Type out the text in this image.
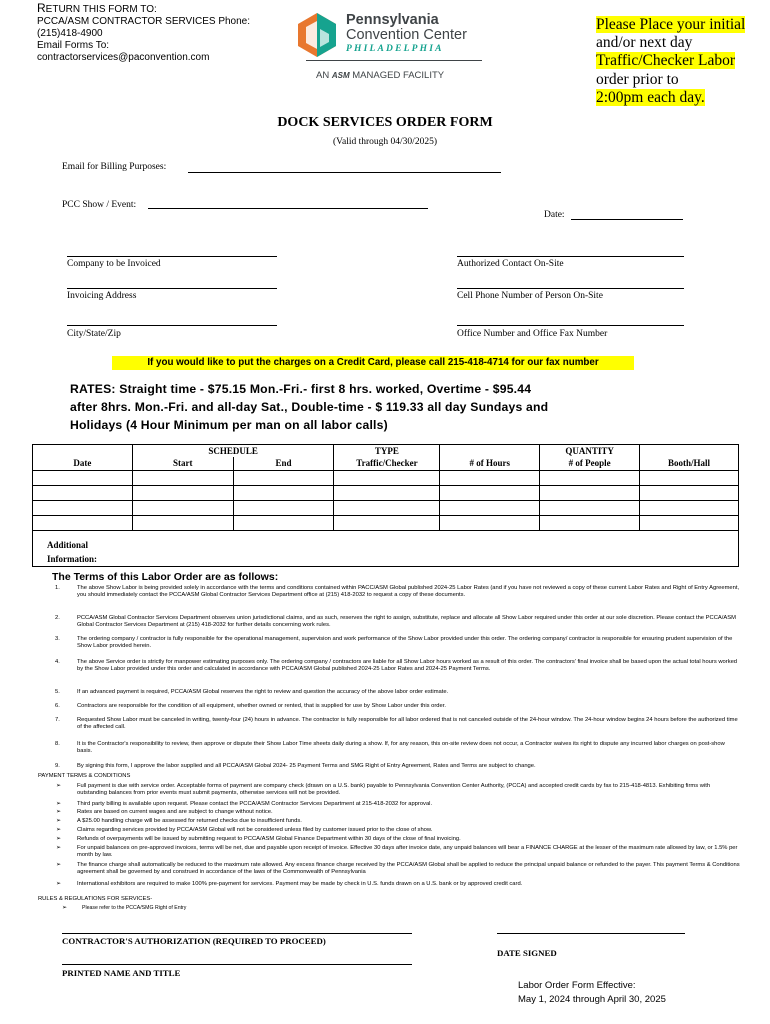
RETURN THIS FORM TO:
PCCA/ASM CONTRACTOR SERVICES Phone:
(215)418-4900
Email Forms To:
contractorservices@paconvention.com
Pennsylvania
Convention Center
PHILADELPHIA
AN ASM MANAGED FACILITY
Please Place your initial
and/or next day
Traffic/Checker Labor
order prior to
2:00pm each day.
DOCK SERVICES ORDER FORM
(Valid through 04/30/2025)
Email for Billing Purposes:
PCC Show / Event:
Date:
Company to be Invoiced	Authorized Contact On-Site
Invoicing Address	Cell Phone Number of Person On-Site
City/State/Zip	Office Number and Office Fax Number
If you would like to put the charges on a Credit Card, please call 215-418-4714 for our fax number
RATES: Straight time - $75.15 Mon.-Fri.- first 8 hrs. worked, Overtime - $95.44
after 8hrs. Mon.-Fri. and all-day Sat., Double-time - $ 119.33 all day Sundays and
Holidays (4 Hour Minimum per man on all labor calls)
	SCHEDULE		TYPE		QUANTITY	
Date	Start	End	Traffic/Checker	# of Hours	# of People	Booth/Hall

Additional
Information:						
The Terms of this Labor Order are as follows:
1.	The above Show Labor is being provided solely in accordance with the terms and conditions contained within PACC/ASM Global published 2024-25 Labor Rates (and if you have not reviewed a copy of these current Labor Rates and Right of Entry Agreement, you should immediately contact the PCCA/ASM Global Contractor Services Department office at (215) 418-2032 to request a copy of these documents.
2.	PCCA/ASM Global Contractor Services Department observes union jurisdictional claims, and as such, reserves the right to assign, substitute, replace and allocate all Show Labor required under this order at our sole discretion. Please contact the PCCA/ASM Global Contractor Services Department at (215) 418-2032 for further details concerning work rules.
3.	The ordering company / contractor is fully responsible for the operational management, supervision and work performance of the Show Labor provided under this order. The ordering company/ contractor is responsible for ensuring prudent supervision of the Show Labor provided herein.
4.	The above Service order is strictly for manpower estimating purposes only. The ordering company / contractors are liable for all Show Labor hours worked as a result of this order. The contractors' final invoice shall be based upon the actual total hours worked by the Show Labor provided under this order and calculated in accordance with PCCA/ASM Global published 2024-25 Labor Rates and 2024-25 Payment Terms.
5.	If an advanced payment is required, PCCA/ASM Global reserves the right to review and question the accuracy of the above labor order estimate.
6.	Contractors are responsible for the condition of all equipment, whether owned or rented, that is supplied for use by Show Labor under this order.
7.	Requested Show Labor must be canceled in writing, twenty-four (24) hours in advance. The contractor is fully responsible for all labor ordered that is not canceled outside of the 24-hour window. The 24-hour window begins 24 hours before the authorized time of the affected call.
8.	It is the Contractor's responsibility to review, then approve or dispute their Show Labor Time sheets daily during a show. If, for any reason, this on-site review does not occur, a Contractor waives its right to dispute any incurred labor charges on post-show basis.
9.	By signing this form, I approve the labor supplied and all PCCA/ASM Global 2024- 25 Payment Terms and SMG Right of Entry Agreement, Rates and Terms are subject to change.
PAYMENT TERMS & CONDITIONS
➢	Full payment is due with service order. Acceptable forms of payment are company check (drawn on a U.S. bank) payable to Pennsylvania Convention Center Authority, (PCCA) and accepted credit cards by fax to 215-418-4813. Exhibiting firms with outstanding balances from prior events must submit payments, otherwise services will not be provided.
➢	Third party billing is available upon request. Please contact the PCCA/ASM Contractor Services Department at 215-418-2032 for approval.
➢	Rates are based on current wages and are subject to change without notice.
➢	A $25.00 handling charge will be assessed for returned checks due to insufficient funds.
➢	Claims regarding services provided by PCCA/ASM Global will not be considered unless filed by customer issued prior to the close of show.
➢	Refunds of overpayments will be issued by submitting request to PCCA/ASM Global Finance Department within 30 days of the close of final invoicing.
➢	For unpaid balances on pre-approved invoices, terms will be net, due and payable upon receipt of invoice. Effective 30 days after invoice date, any unpaid balances will bear a FINANCE CHARGE at the lesser of the maximum rate allowed by law, or 1.5% per month by law.
➢	The finance charge shall automatically be reduced to the maximum rate allowed. Any excess finance charge received by the PCCA/ASM Global shall be applied to reduce the principal unpaid balance or refunded to the payer. This payment Terms & Conditions agreement shall be governed by and construed in accordance of the laws of the Commonwealth of Pennsylvania
➢	International exhibitors are required to make 100% pre-payment for services. Payment may be made by check in U.S. funds drawn on a U.S. bank or by approved credit card.
RULES & REGULATIONS FOR SERVICES-
➢	Please refer to the PCCA/SMG Right of Entry
CONTRACTOR'S AUTHORIZATION (REQUIRED TO PROCEED)
DATE SIGNED
PRINTED NAME AND TITLE
Labor Order Form Effective:
May 1, 2024 through April 30, 2025
